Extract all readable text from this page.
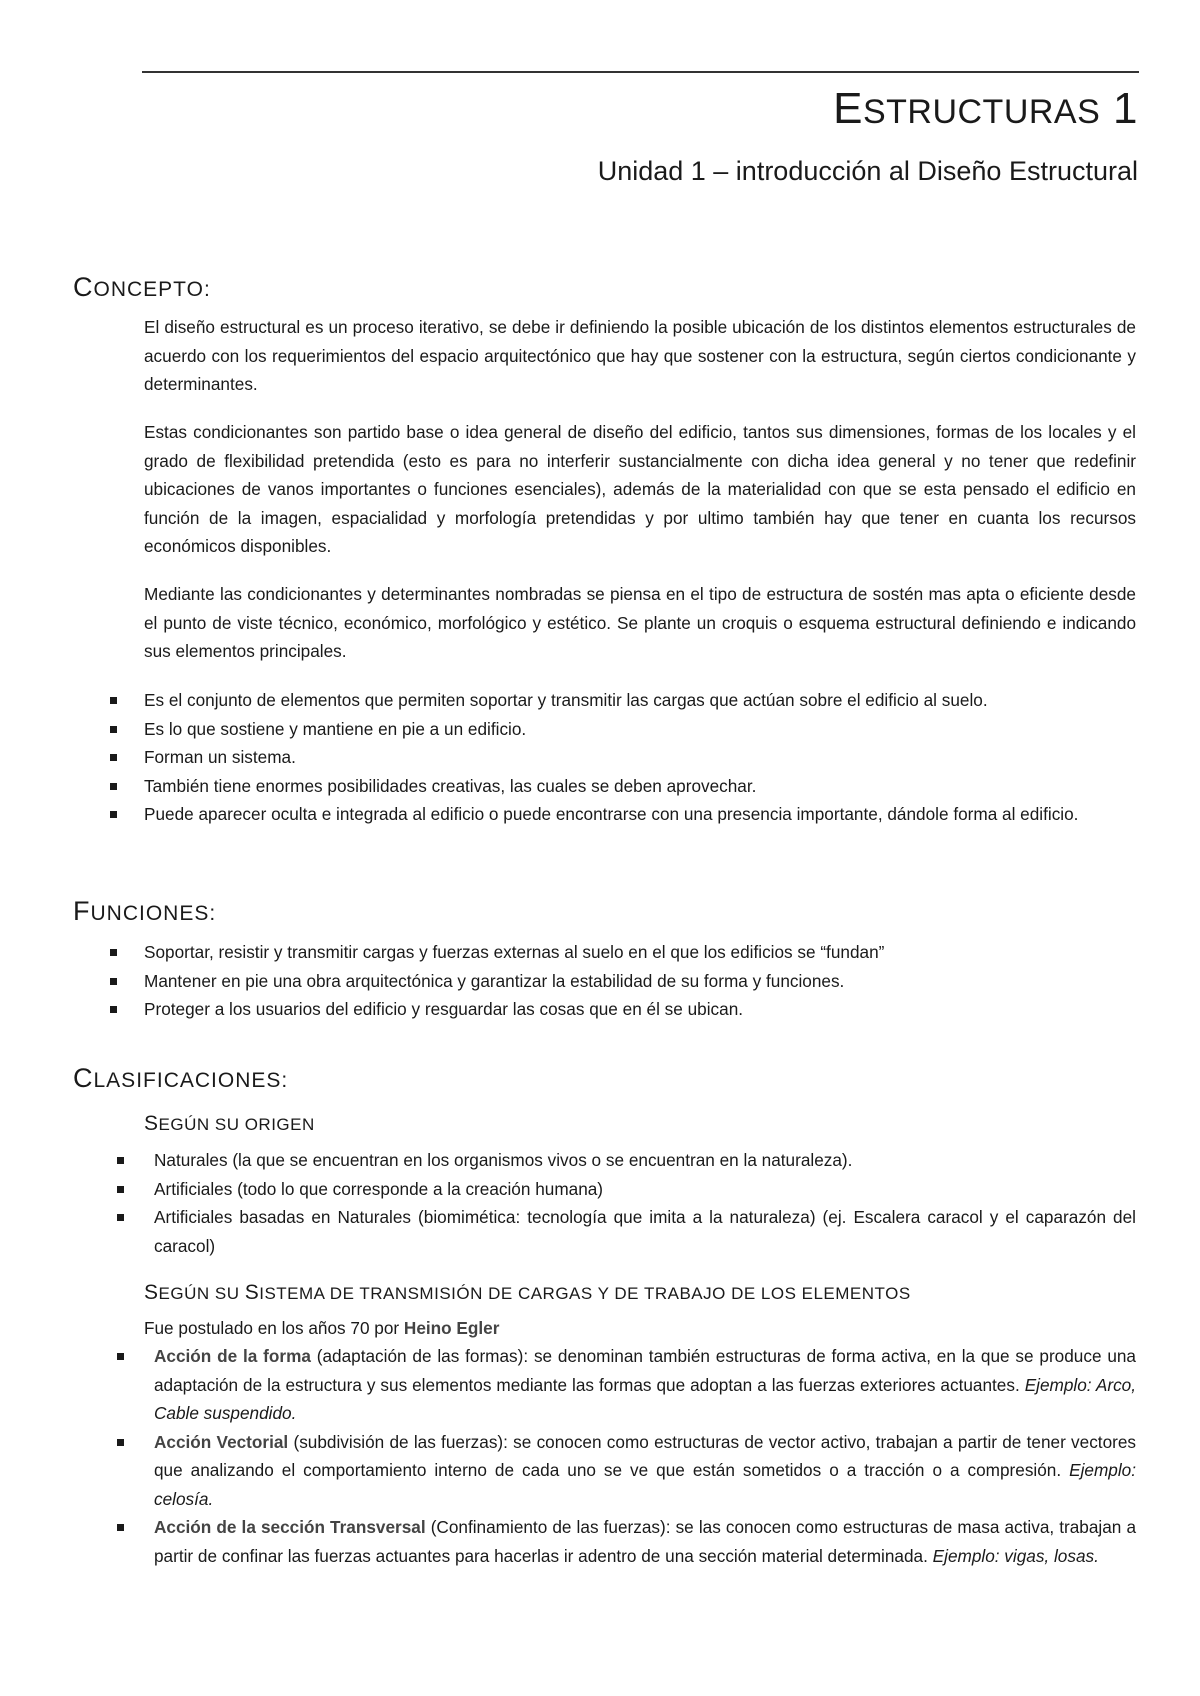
ESTRUCTURAS 1
Unidad 1 – introducción al Diseño Estructural
CONCEPTO:

El diseño estructural es un proceso iterativo, se debe ir definiendo la posible ubicación de los distintos elementos estructurales de acuerdo con los requerimientos del espacio arquitectónico que hay que sostener con la estructura, según ciertos condicionante y determinantes.

Estas condicionantes son partido base o idea general de diseño del edificio, tantos sus dimensiones, formas de los locales y el grado de flexibilidad pretendida (esto es para no interferir sustancialmente con dicha idea general y no tener que redefinir ubicaciones de vanos importantes o funciones esenciales), además de la materialidad con que se esta pensado el edificio en función de la imagen, espacialidad y morfología pretendidas y por ultimo también hay que tener en cuanta los recursos económicos disponibles.

Mediante las condicionantes y determinantes nombradas se piensa en el tipo de estructura de sostén mas apta o eficiente desde el punto de viste técnico, económico, morfológico y estético. Se plante un croquis o esquema estructural definiendo e indicando sus elementos principales.

Es el conjunto de elementos que permiten soportar y transmitir las cargas que actúan sobre el edificio al suelo.
Es lo que sostiene y mantiene en pie a un edificio.
Forman un sistema.
También tiene enormes posibilidades creativas, las cuales se deben aprovechar.
Puede aparecer oculta e integrada al edificio o puede encontrarse con una presencia importante, dándole forma al edificio.
FUNCIONES:
Soportar, resistir y transmitir cargas y fuerzas externas al suelo en el que los edificios se “fundan”
Mantener en pie una obra arquitectónica y garantizar la estabilidad de su forma y funciones.
Proteger a los usuarios del edificio y resguardar las cosas que en él se ubican.
CLASIFICACIONES:
SEGÚN SU ORIGEN
Naturales (la que se encuentran en los organismos vivos o se encuentran en la naturaleza).
Artificiales (todo lo que corresponde a la creación humana)
Artificiales basadas en Naturales (biomimética: tecnología que imita a la naturaleza) (ej. Escalera caracol y el caparazón del caracol)
SEGÚN SU SISTEMA DE TRANSMISIÓN DE CARGAS Y DE TRABAJO DE LOS ELEMENTOS
Fue postulado en los años 70 por Heino Egler
Acción de la forma (adaptación de las formas): se denominan también estructuras de forma activa, en la que se produce una adaptación de la estructura y sus elementos mediante las formas que adoptan a las fuerzas exteriores actuantes. Ejemplo: Arco, Cable suspendido.
Acción Vectorial (subdivisión de las fuerzas): se conocen como estructuras de vector activo, trabajan a partir de tener vectores que analizando el comportamiento interno de cada uno se ve que están sometidos o a tracción o a compresión. Ejemplo: celosía.
Acción de la sección Transversal (Confinamiento de las fuerzas): se las conocen como estructuras de masa activa, trabajan a partir de confinar las fuerzas actuantes para hacerlas ir adentro de una sección material determinada. Ejemplo: vigas, losas.
